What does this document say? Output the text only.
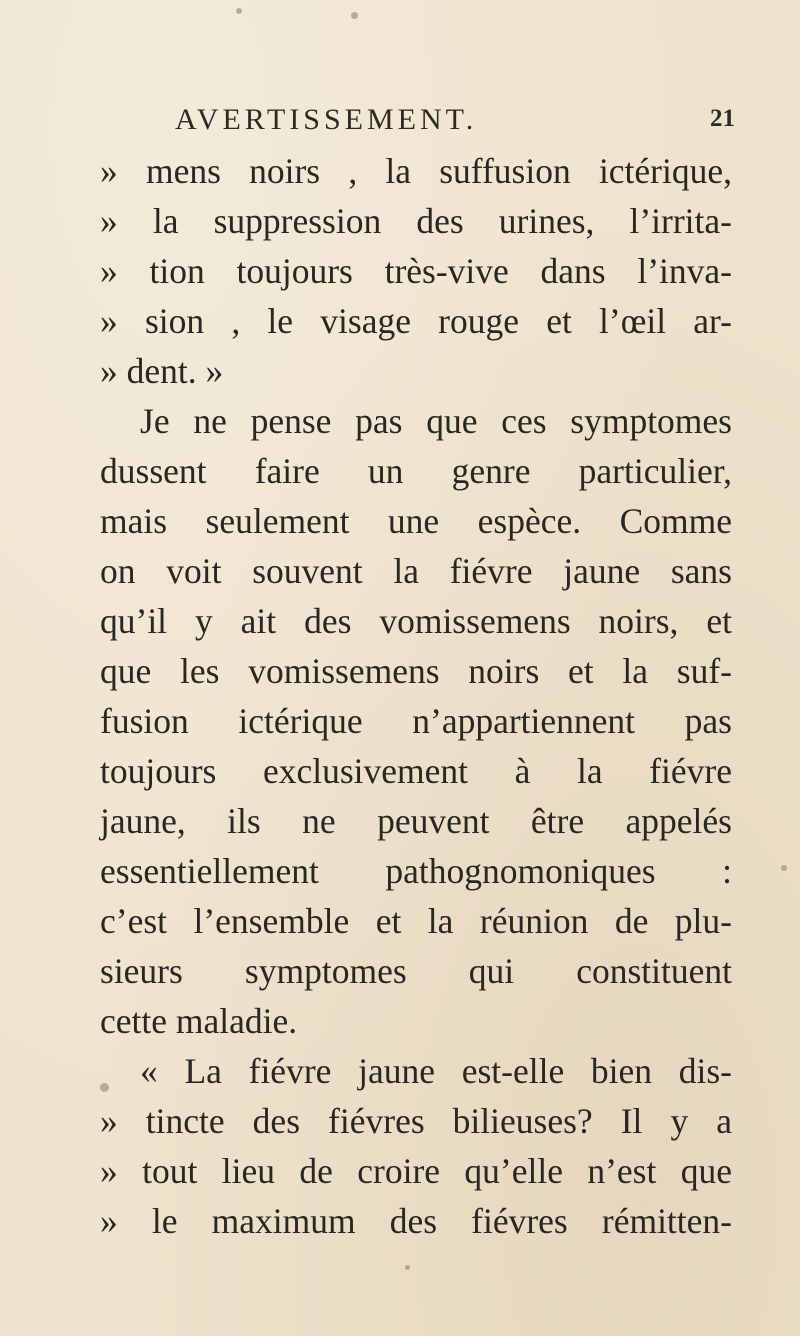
AVERTISSEMENT.	21
» mens noirs , la suffusion ictérique,
» la suppression des urines, l’irrita-
» tion toujours très-vive dans l’inva-
» sion , le visage rouge et l’œil ar-
» dent. »
Je ne pense pas que ces symptomes
dussent faire un genre particulier,
mais seulement une espèce. Comme
on voit souvent la fiévre jaune sans
qu’il y ait des vomissemens noirs, et
que les vomissemens noirs et la suf-
fusion ictérique n’appartiennent pas
toujours exclusivement à la fiévre
jaune, ils ne peuvent être appelés
essentiellement pathognomoniques :
c’est l’ensemble et la réunion de plu-
sieurs symptomes qui constituent
cette maladie.
« La fiévre jaune est-elle bien dis-
» tincte des fiévres bilieuses? Il y a
» tout lieu de croire qu’elle n’est que
» le maximum des fiévres rémitten-
